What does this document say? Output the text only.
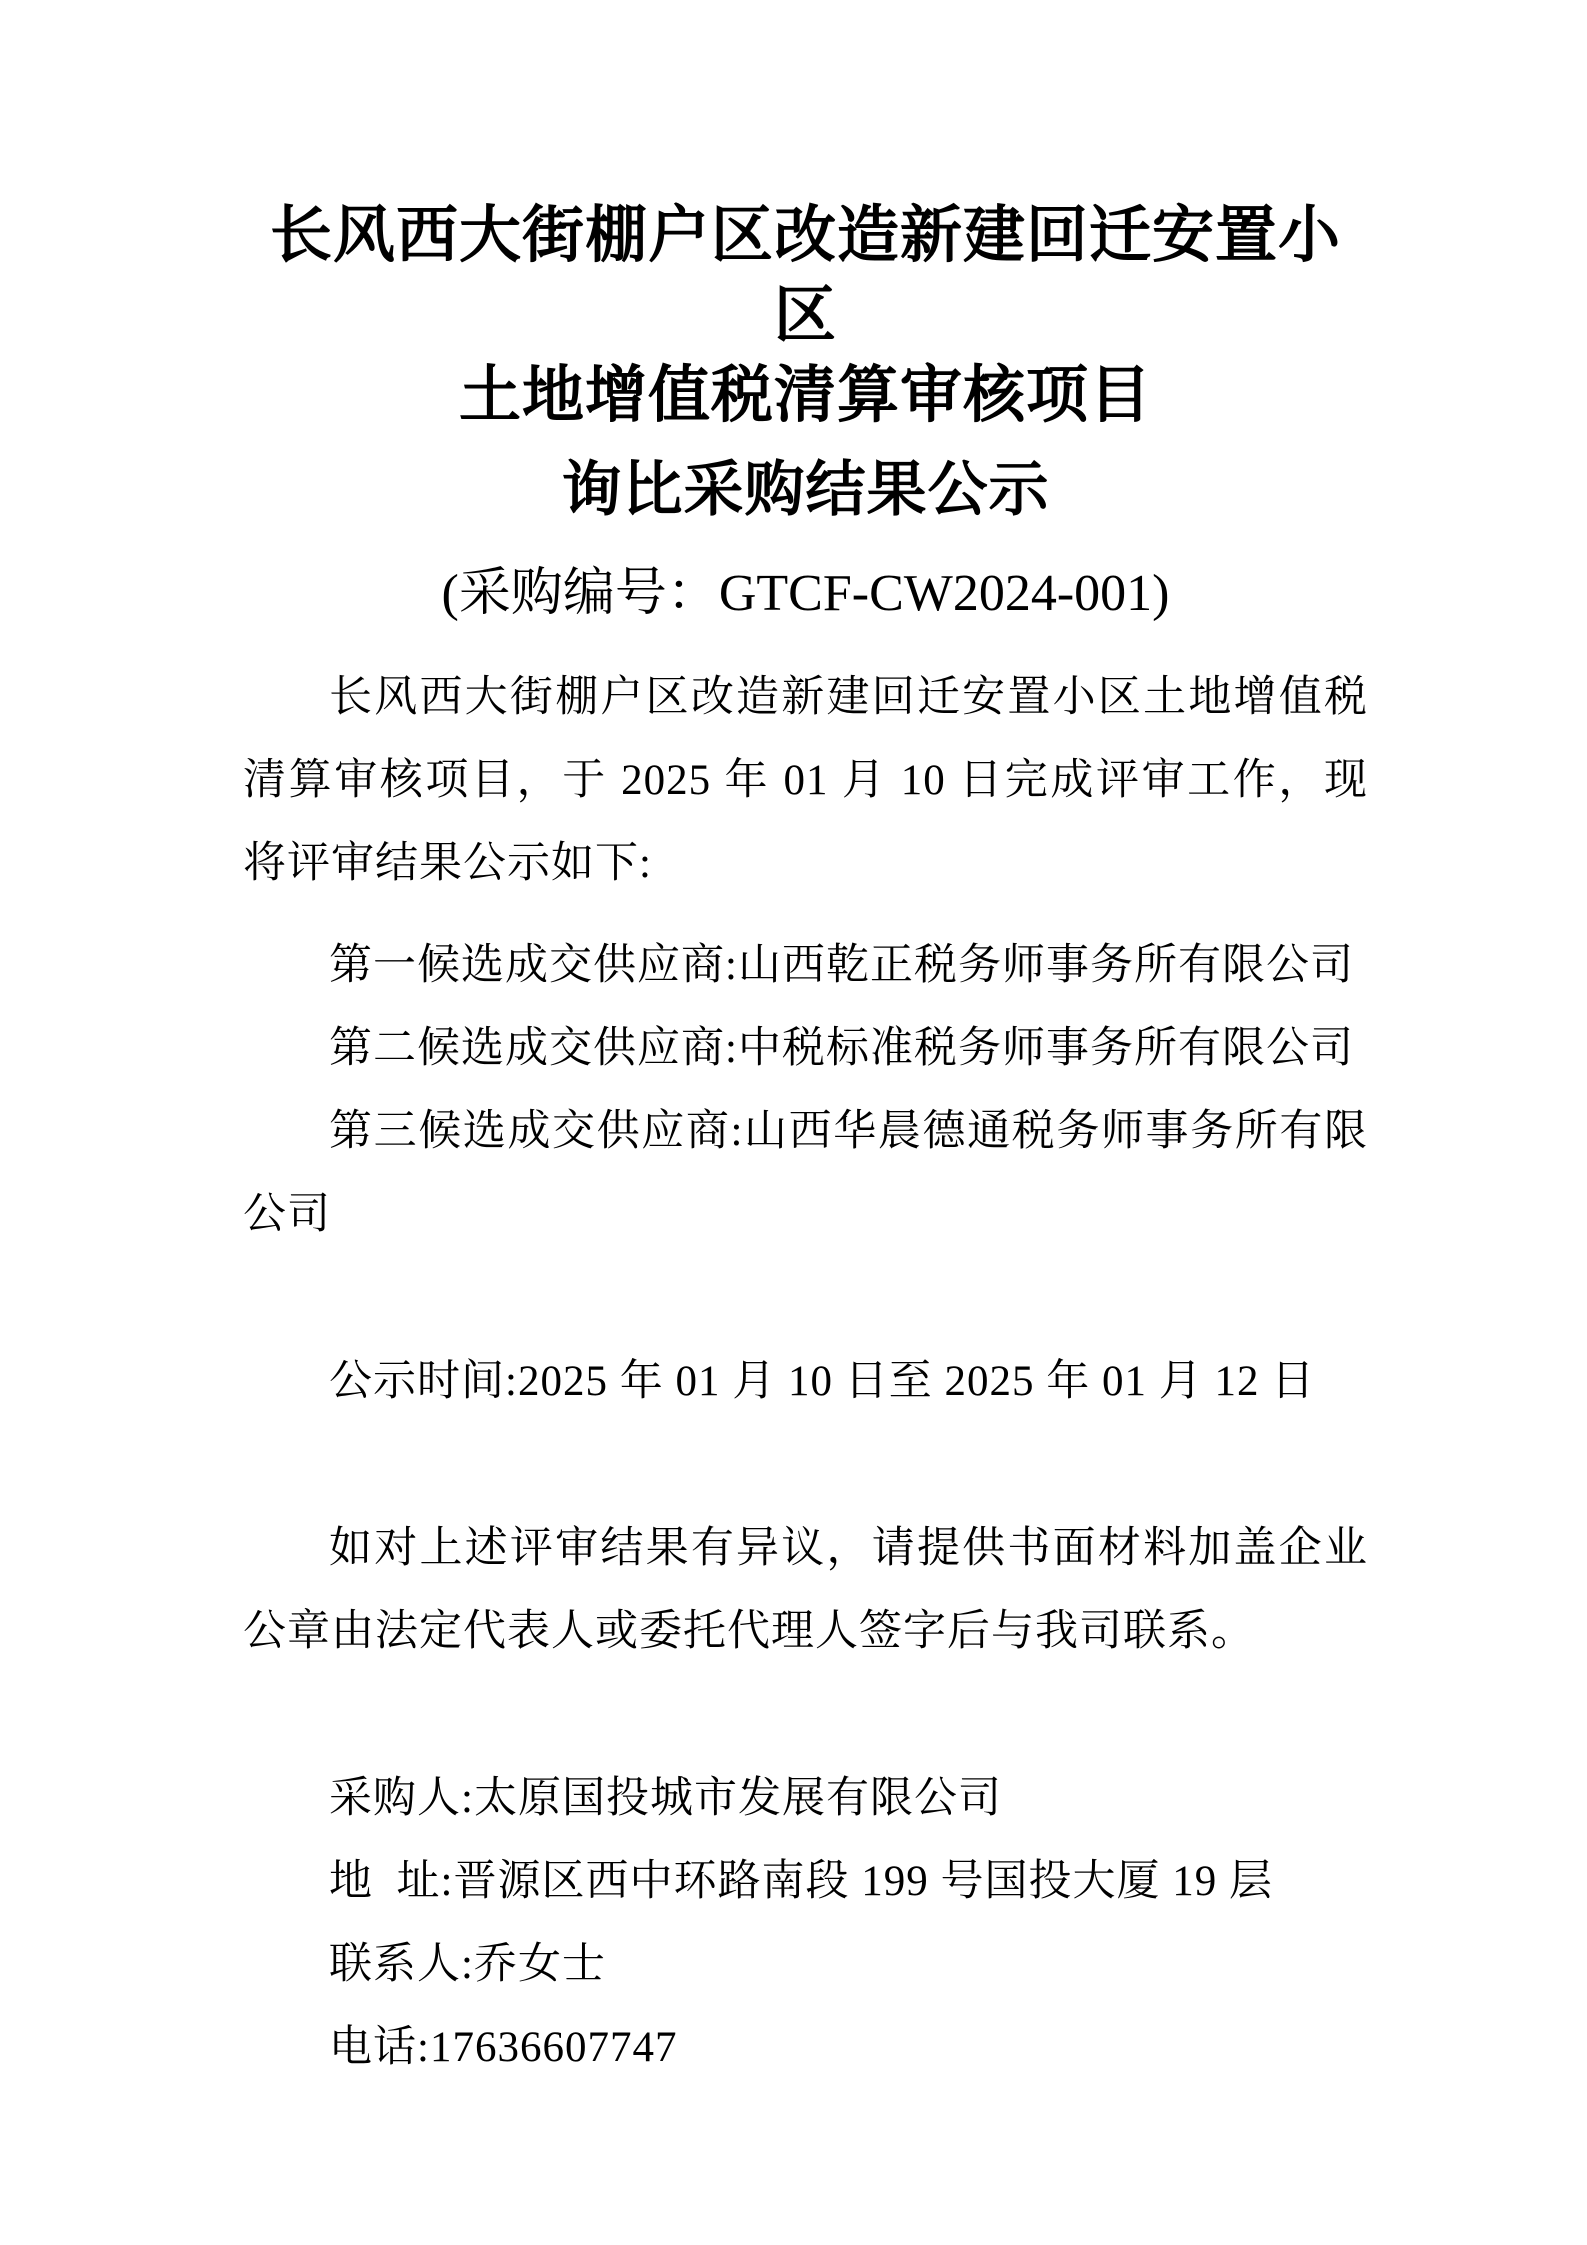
长风西大街棚户区改造新建回迁安置小区
土地增值税清算审核项目
询比采购结果公示

(采购编号：GTCF-CW2024-001)

长风西大街棚户区改造新建回迁安置小区土地增值税清算审核项目，于 2025 年 01 月 10 日完成评审工作，现将评审结果公示如下:

第一候选成交供应商:山西乾正税务师事务所有限公司

第二候选成交供应商:中税标准税务师事务所有限公司

第三候选成交供应商:山西华晨德通税务师事务所有限公司

公示时间:2025 年 01 月 10 日至 2025 年 01 月 12 日

如对上述评审结果有异议，请提供书面材料加盖企业公章由法定代表人或委托代理人签字后与我司联系。

采购人:太原国投城市发展有限公司

地  址:晋源区西中环路南段 199 号国投大厦 19 层

联系人:乔女士

电话:17636607747
